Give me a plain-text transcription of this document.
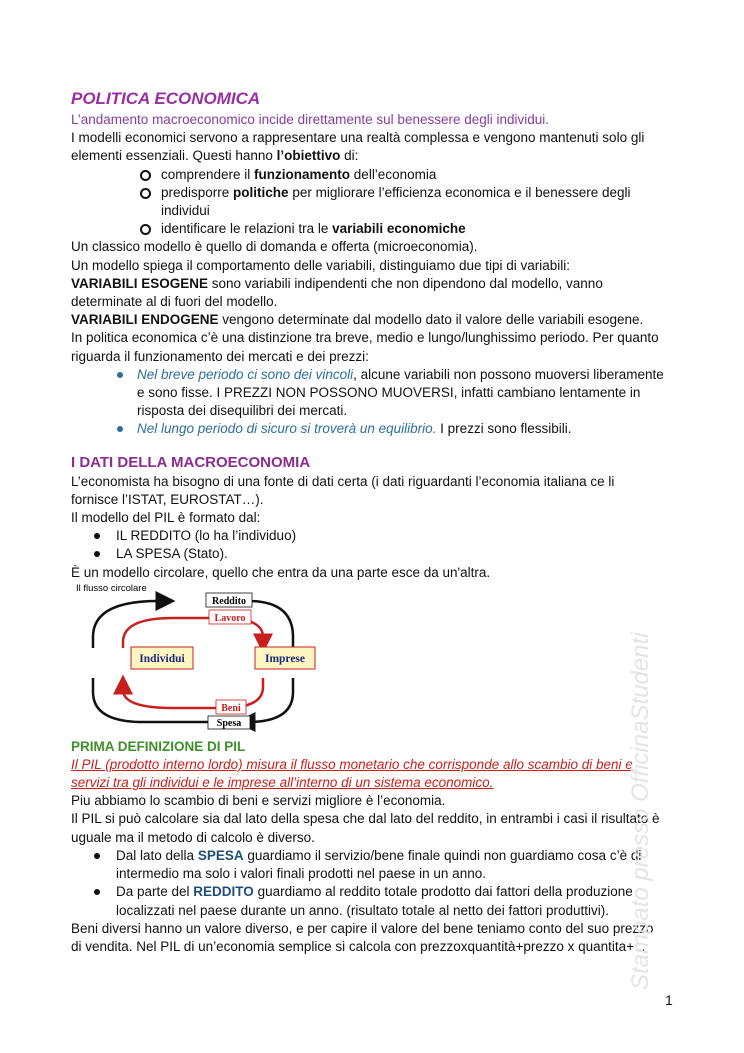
POLITICA ECONOMICA

L’andamento macroeconomico incide direttamente sul benessere degli individui.

I modelli economici servono a rappresentare una realtà complessa e vengono mantenuti solo gli

elementi essenziali. Questi hanno l’obiettivo di:

comprendere il funzionamento dell’economia
predisporre politiche per migliorare l’efficienza economica e il benessere degli
individui
identificare le relazioni tra le variabili economiche

Un classico modello è quello di domanda e offerta (microeconomia).

Un modello spiega il comportamento delle variabili, distinguiamo due tipi di variabili:

VARIABILI ESOGENE sono variabili indipendenti che non dipendono dal modello, vanno

determinate al di fuori del modello.

VARIABILI ENDOGENE vengono determinate dal modello dato il valore delle variabili esogene.

In politica economica c’è una distinzione tra breve, medio e lungo/lunghissimo periodo. Per quanto

riguarda il funzionamento dei mercati e dei prezzi:

Nel breve periodo ci sono dei vincoli, alcune variabili non possono muoversi liberamente
e sono fisse. I PREZZI NON POSSONO MUOVERSI, infatti cambiano lentamente in
risposta dei disequilibri dei mercati.
Nel lungo periodo di sicuro si troverà un equilibrio. I prezzi sono flessibili.

I DATI DELLA MACROECONOMIA

L’economista ha bisogno di una fonte di dati certa (i dati riguardanti l’economia italiana ce li

fornisce l’ISTAT, EUROSTAT…).

Il modello del PIL è formato dal:

IL REDDITO (lo ha l’individuo)
LA SPESA (Stato).

È un modello circolare, quello che entra da una parte esce da un'altra.

Il flusso circolare
Reddito
Lavoro
Individui	Imprese
Beni
Spesa

PRIMA DEFINIZIONE DI PIL

Il PIL (prodotto interno lordo) misura il flusso monetario che corrisponde allo scambio di beni e

servizi tra gli individui e le imprese all’interno di un sistema economico.

Piu abbiamo lo scambio di beni e servizi migliore è l’economia.

Il PIL si può calcolare sia dal lato della spesa che dal lato del reddito, in entrambi i casi il risultato è

uguale ma il metodo di calcolo è diverso.

Dal lato della SPESA guardiamo il servizio/bene finale quindi non guardiamo cosa c’è di
intermedio ma solo i valori finali prodotti nel paese in un anno.
Da parte del REDDITO guardiamo al reddito totale prodotto dai fattori della produzione
localizzati nel paese durante un anno. (risultato totale al netto dei fattori produttivi).

Beni diversi hanno un valore diverso, e per capire il valore del bene teniamo conto del suo prezzo

di vendita. Nel PIL di un’economia semplice si calcola con prezzoxquantità+prezzo x quantita+...

Stampato presso OfficinaStudenti
1
